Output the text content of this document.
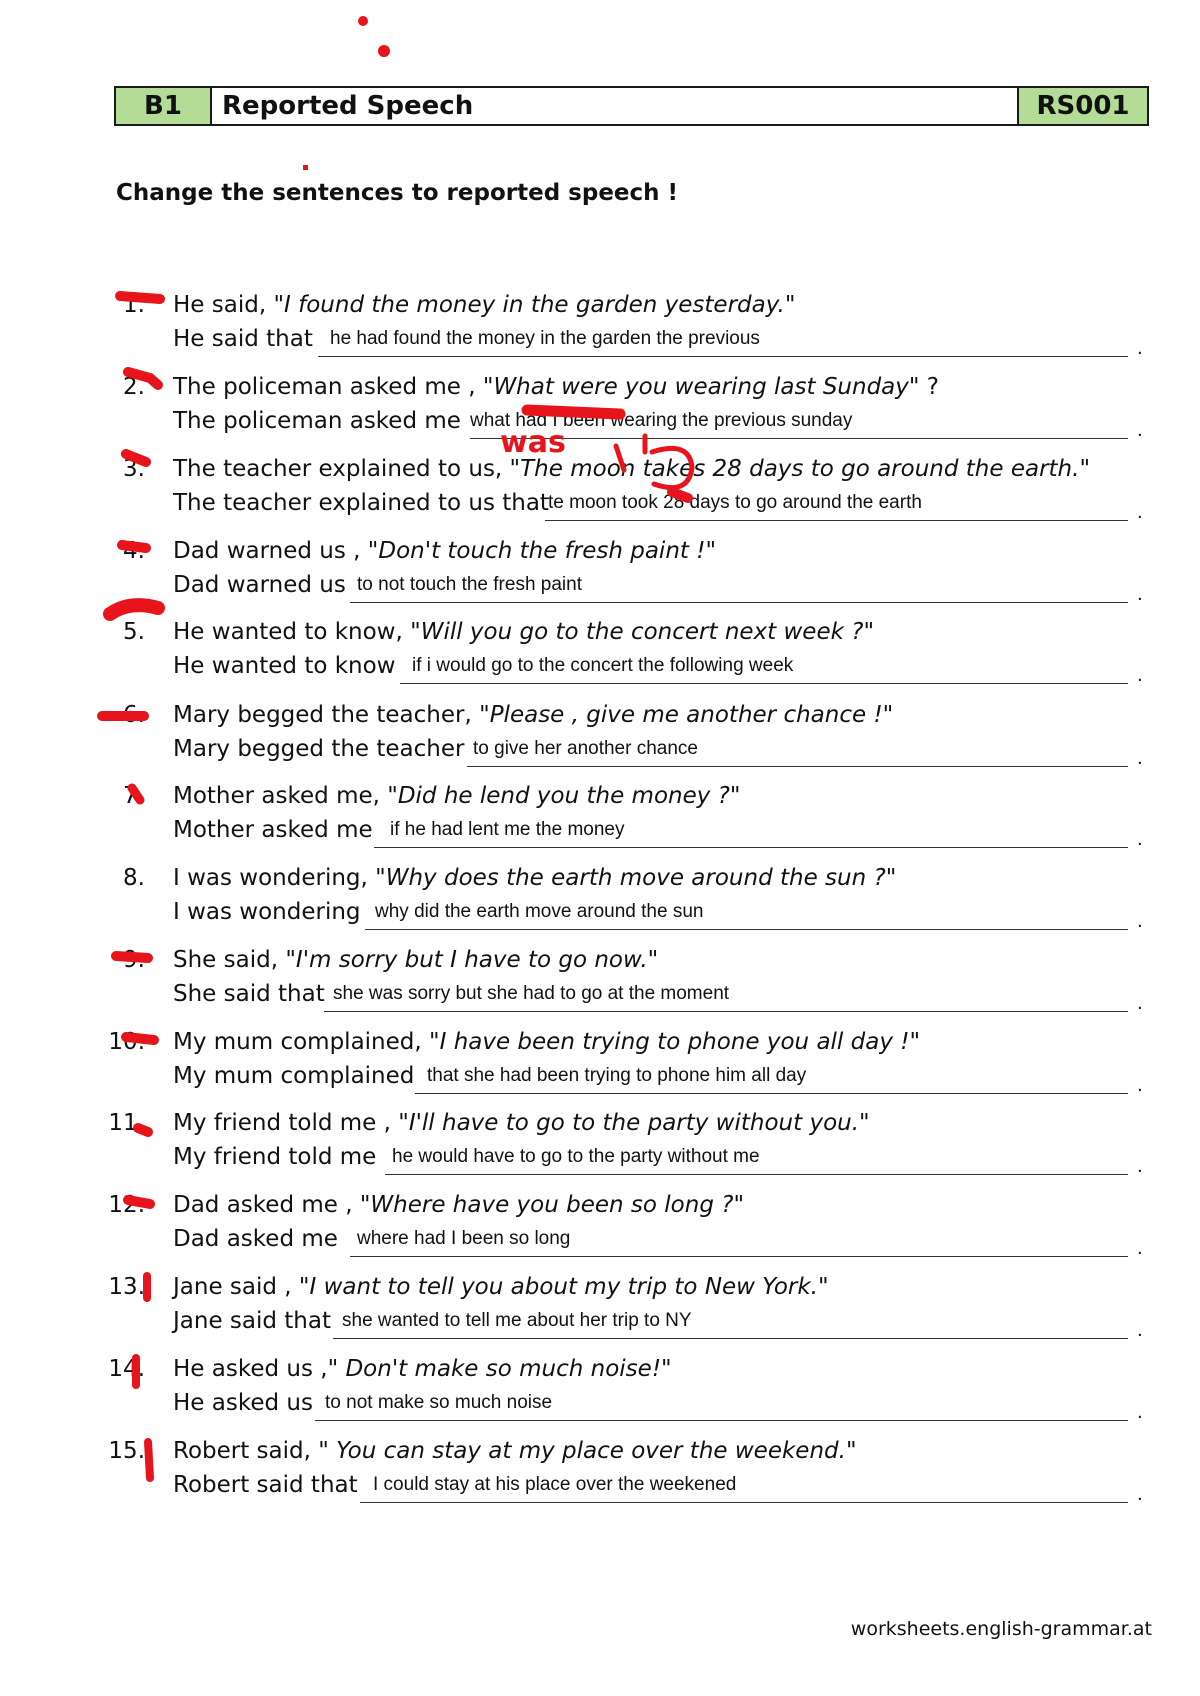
B1	Reported Speech	RS001
Change the sentences to reported speech !
1. He said, "I found the money in the garden yesterday."
He said that he had found the money in the garden the previous	.
2. The policeman asked me , "What were you wearing last Sunday" ?
The policeman asked me what had I been wearing the previous sunday	.
3. The teacher explained to us, "The moon takes 28 days to go around the earth."
The teacher explained to us that te moon took 28 days to go around the earth	.
4. Dad warned us , "Don't touch the fresh paint !"
Dad warned us to not touch the fresh paint	.
5. He wanted to know, "Will you go to the concert next week ?"
He wanted to know if i would go to the concert the following week	.
6. Mary begged the teacher, "Please , give me another chance !"
Mary begged the teacher to give her another chance	.
7. Mother asked me, "Did he lend you the money ?"
Mother asked me if he had lent me the money	.
8. I was wondering, "Why does the earth move around the sun ?"
I was wondering why did the earth move around the sun	.
9. She said, "I'm sorry but I have to go now."
She said that she was sorry but she had to go at the moment	.
10. My mum complained, "I have been trying to phone you all day !"
My mum complained that she had been trying to phone him all day	.
11. My friend told me , "I'll have to go to the party without you."
My friend told me he would have to go to the party without me	.
12. Dad asked me , "Where have you been so long ?"
Dad asked me where had I been so long	.
13. Jane said , "I want to tell you about my trip to New York."
Jane said that she wanted to tell me about her trip to NY	.
14. He asked us ," Don't make so much noise!"
He asked us to not make so much noise	.
15. Robert said, " You can stay at my place over the weekend."
Robert said that I could stay at his place over the weekened	.
worksheets.english-grammar.at
was
